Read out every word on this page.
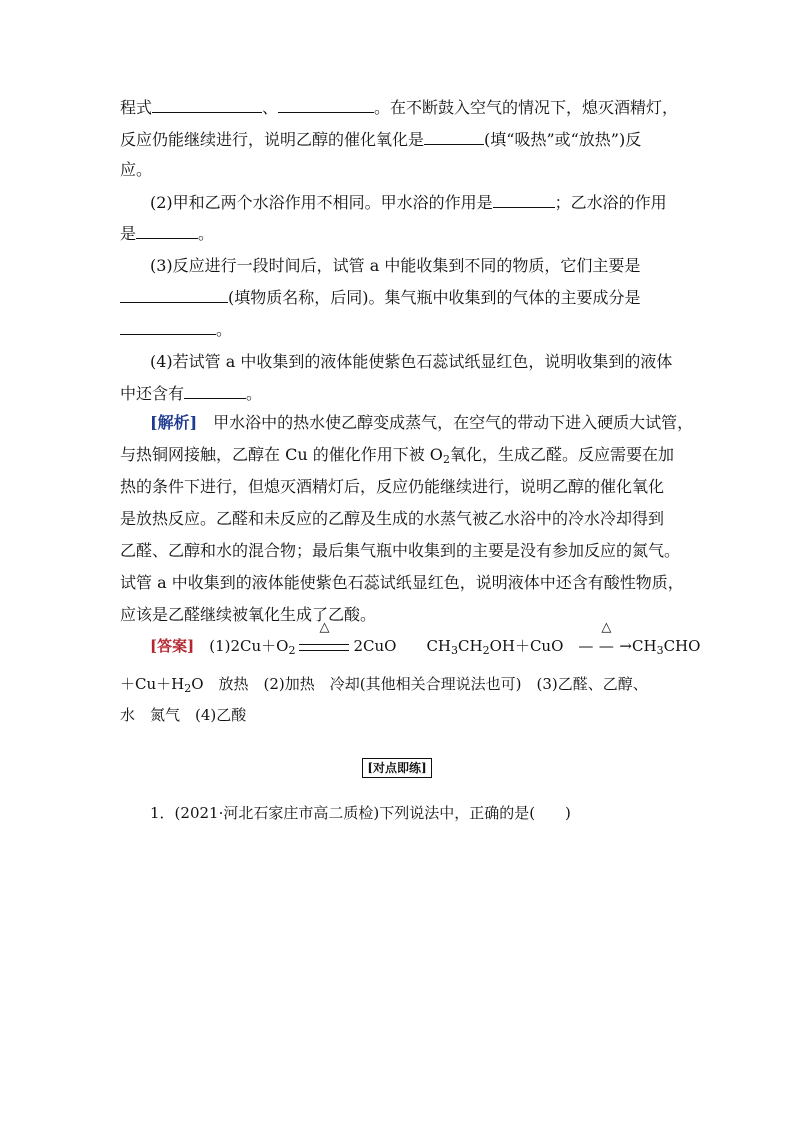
程式	、	。在不断鼓入空气的情况下，熄灭酒精灯，
反应仍能继续进行，说明乙醇的催化氧化是	(填“吸热”或“放热”)反
应。
(2)甲和乙两个水浴作用不相同。甲水浴的作用是	；乙水浴的作用
是	。
(3)反应进行一段时间后，试管 a 中能收集到不同的物质，它们主要是
(填物质名称，后同)。集气瓶中收集到的气体的主要成分是
。
(4)若试管 a 中收集到的液体能使紫色石蕊试纸显红色，说明收集到的液体
中还含有	。
[解析]　 甲水浴中的热水使乙醇变成蒸气，在空气的带动下进入硬质大试管，
与热铜网接触，乙醇在 Cu 的催化作用下被 $O_2$氧化，生成乙醛。反应需要在加
热的条件下进行，但熄灭酒精灯后，反应仍能继续进行，说明乙醇的催化氧化
是放热反应。乙醛和未反应的乙醇及生成的水蒸气被乙水浴中的冷水冷却得到
乙醛、乙醇和水的混合物；最后集气瓶中收集到的主要是没有参加反应的氮气。
试管 a 中收集到的液体能使紫色石蕊试纸显红色，说明液体中还含有酸性物质，
应该是乙醛继续被氧化生成了乙酸。
[答案]　 $(1)2Cu+O_2$
△
2CuO　　 $CH_3CH_2OH+CuO$　 —
△
— $\to CH_3CHO$
$+Cu+H_2O$　放热　(2)加热　冷却(其他相关合理说法也可)　(3)乙醛、乙醇、
水　氮气　(4)乙酸
[对点即练]
1．(2021·河北石家庄市高二质检)下列说法中，正确的是(　　)
